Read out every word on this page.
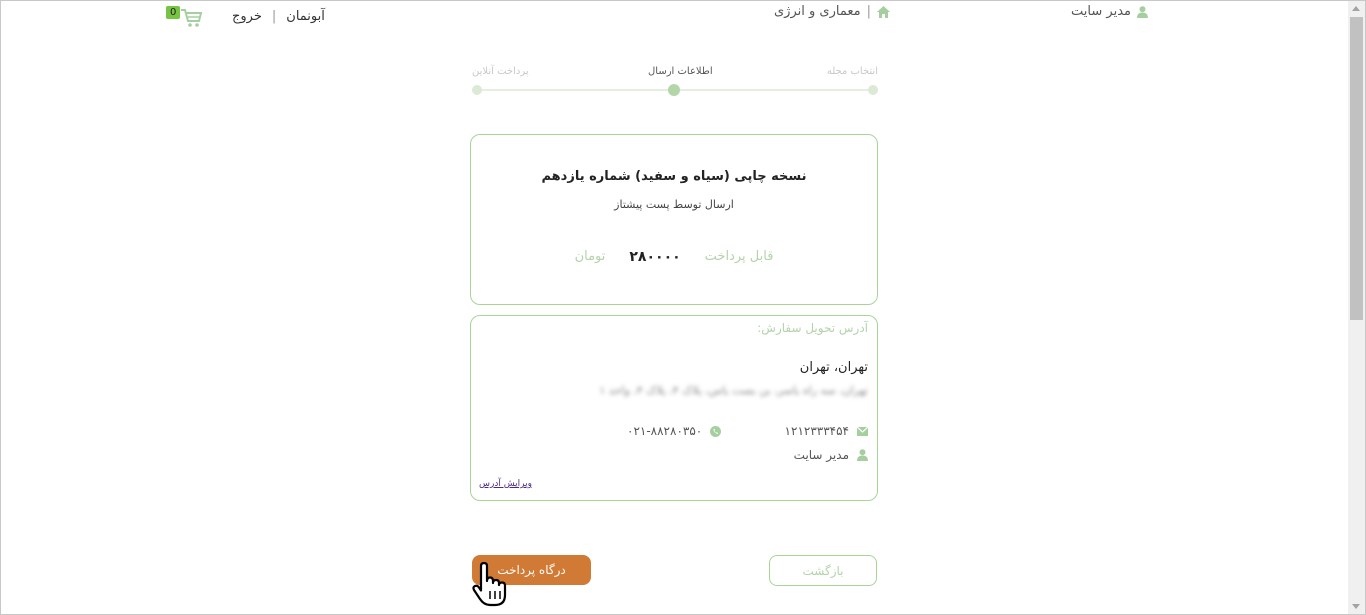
مدیر سایت
|
معماری و انرژی
0	خروج | آبونمان
انتخاب مجله
اطلاعات ارسال
پرداخت آنلاین
نسخه چاپی (سیاه و سفید) شماره یازدهم
ارسال توسط پست پیشتاز
قابل پرداخت
۲۸۰۰۰۰
تومان
آدرس تحویل سفارش:
تهران، تهران
تهران، سه راه یاسر، بن بست یاس، پلاک ۴، پلاک ۴، واحد ۱
۱۲۱۲۳۳۳۴۵۴
۰۲۱-۸۸۲۸۰۳۵۰
مدیر سایت
ویرایش آدرس
درگاه پرداخت	بازگشت
